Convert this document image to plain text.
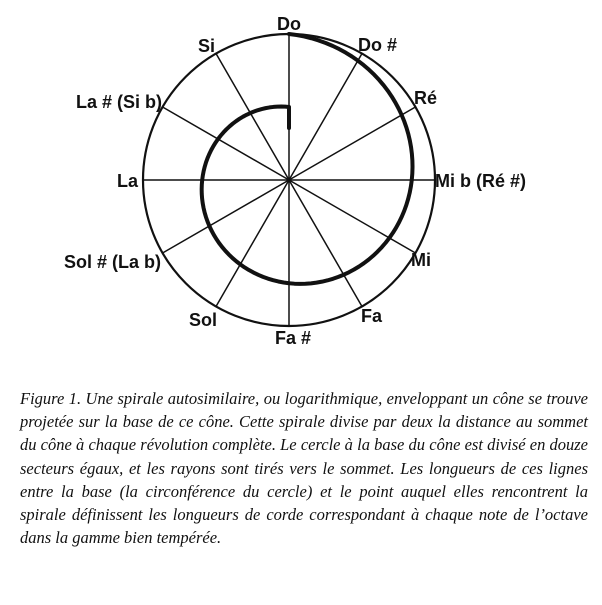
Do
Do #
Ré
Mi b (Ré #)
Mi
Fa
Fa #
Sol
Sol # (La b)
La
La # (Si b)
Si
Figure 1. Une spirale autosimilaire, ou logarithmique, enveloppant un cône se trouve projetée sur la base de ce cône. Cette spirale divise par deux la distance au sommet du cône à chaque révolution complète. Le cercle à la base du cône est divisé en douze secteurs égaux, et les rayons sont tirés vers le sommet. Les longueurs de ces lignes entre la base (la circonférence du cercle) et le point auquel elles rencontrent la spirale définissent les longueurs de corde correspondant à chaque note de l’octave dans la gamme bien tempérée.
